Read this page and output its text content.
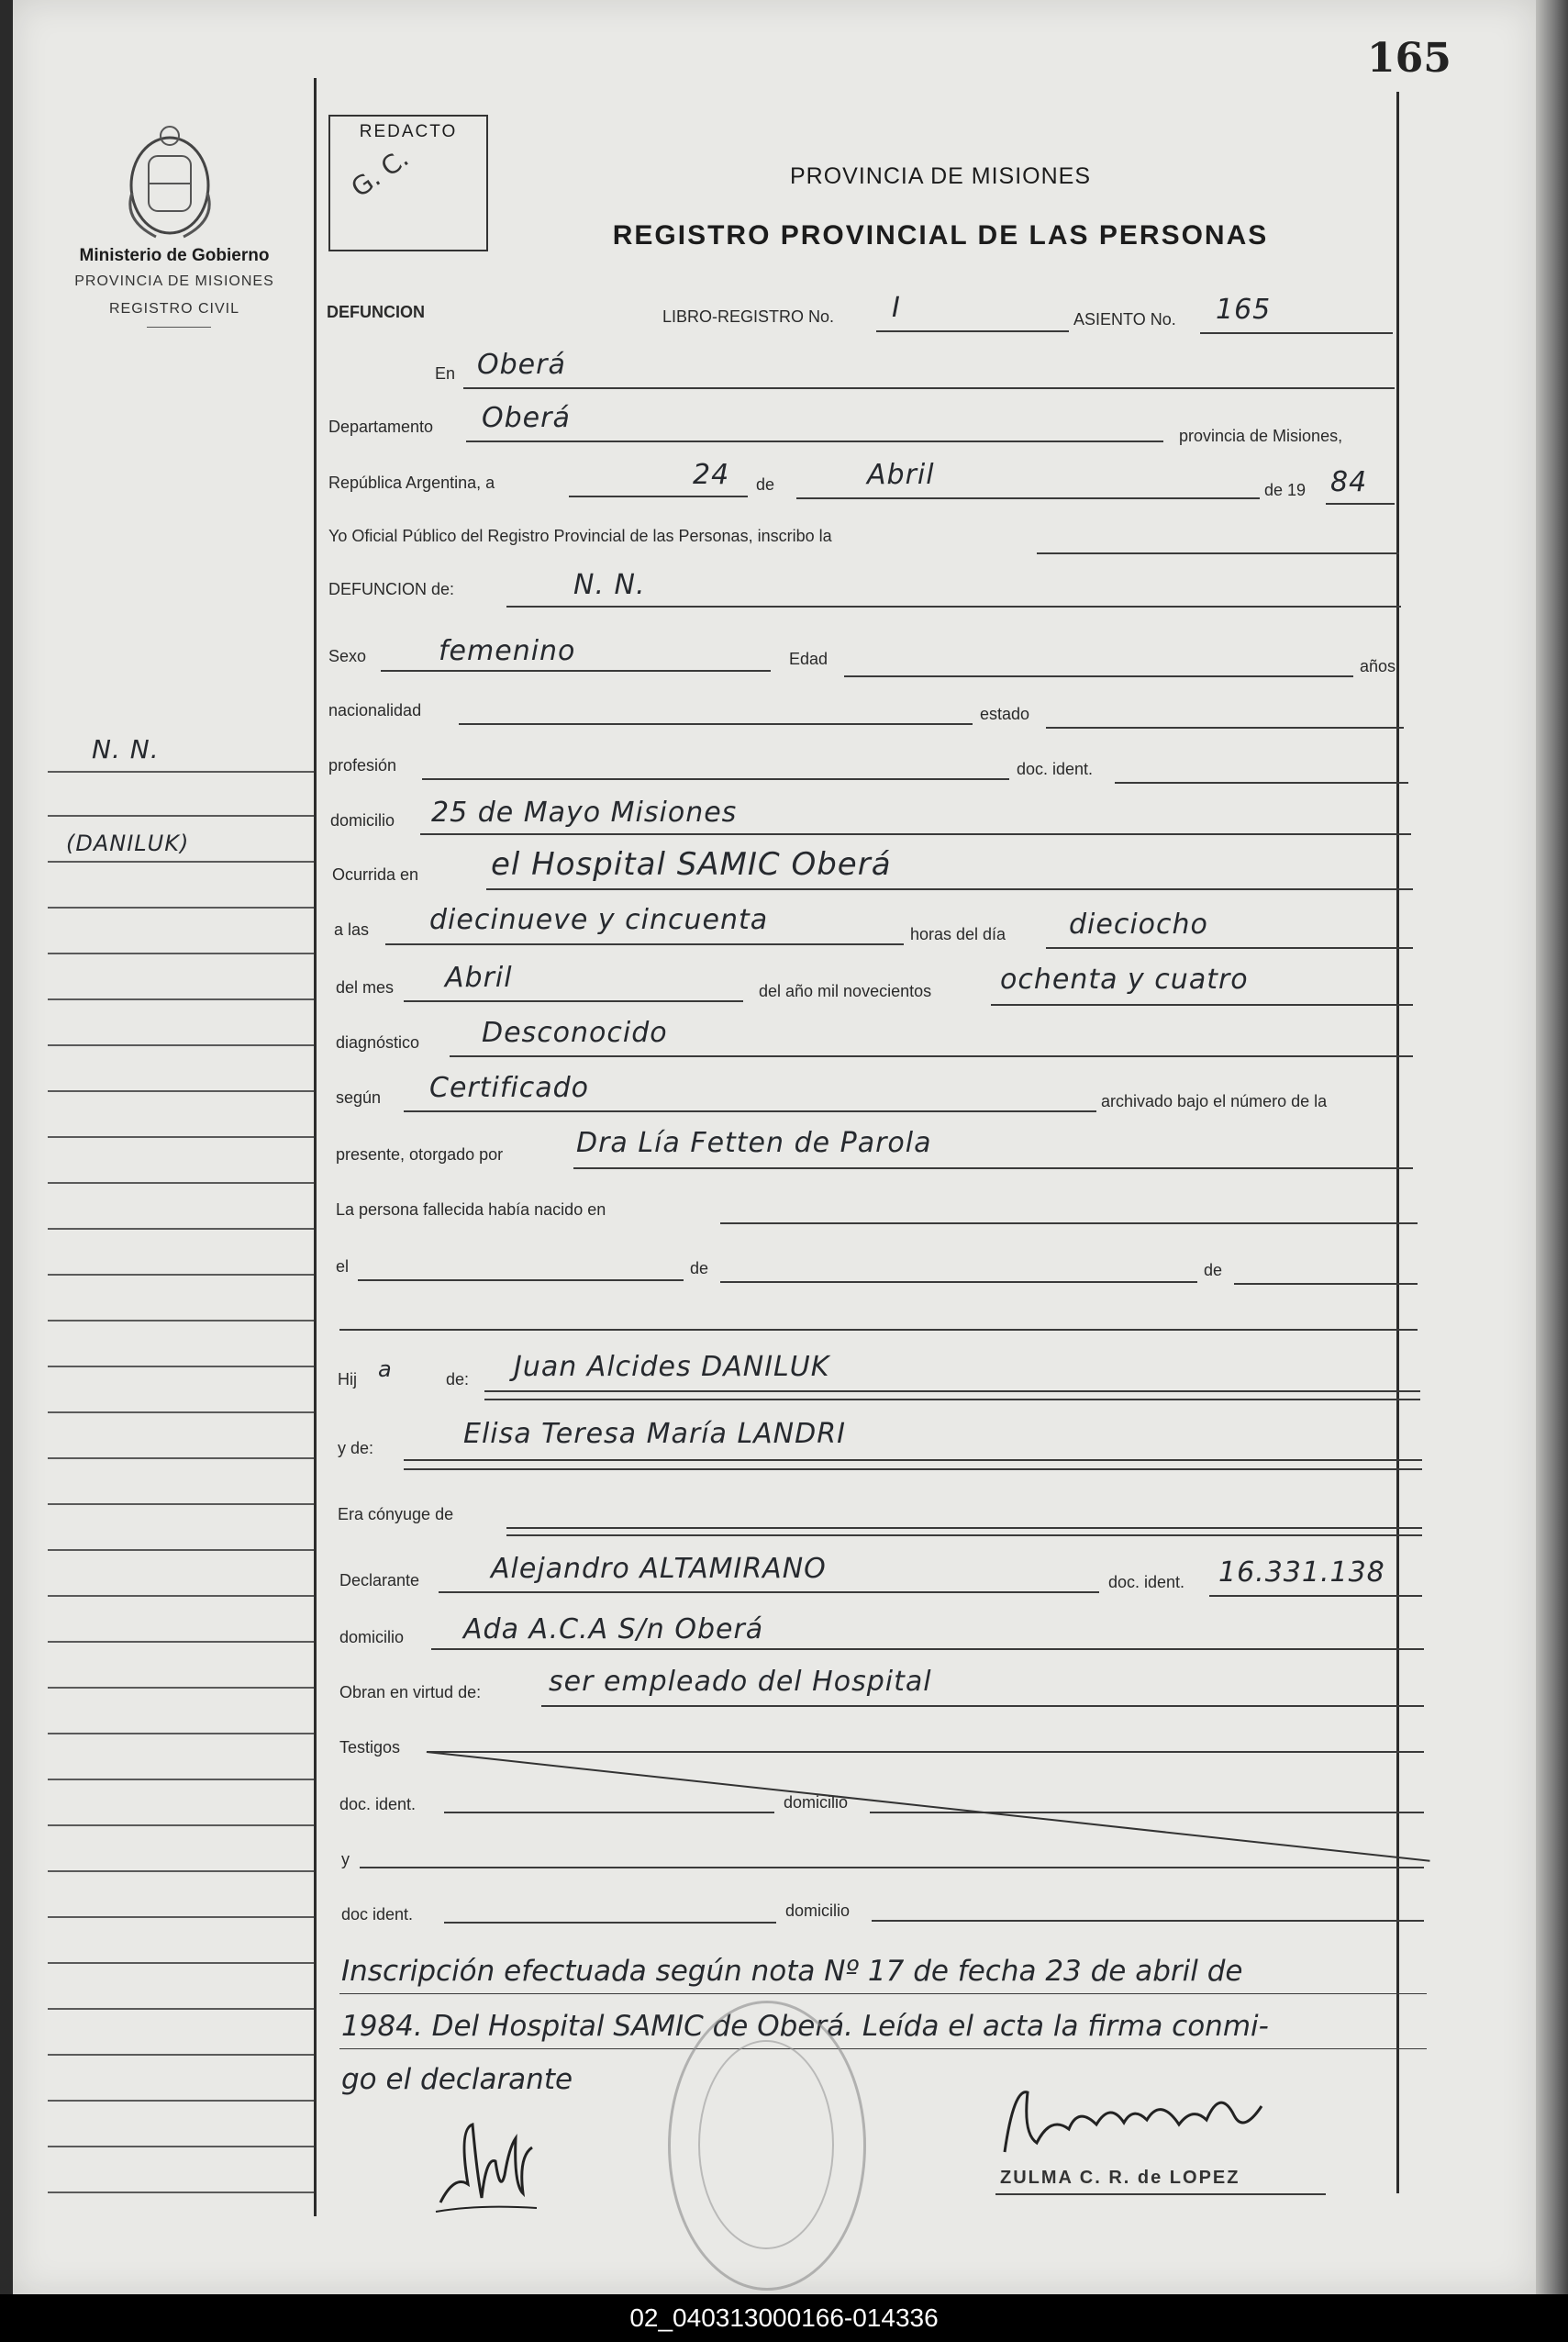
165
Ministerio de Gobierno
PROVINCIA DE MISIONES
REGISTRO CIVIL
REDACTO
G. C.	PROVINCIA DE MISIONES
REGISTRO PROVINCIAL DE LAS PERSONAS
DEFUNCION	LIBRO-REGISTRO No. I	ASIENTO No. 165
En Oberá
Departamento Oberá
provincia de Misiones,
República Argentina, a	24 de	Abril	de 19 84
Yo Oficial Público del Registro Provincial de las Personas, inscribo la
DEFUNCION de:	N. N.
Sexo	femenino	Edad	años
nacionalidad	estado
profesión	doc. ident.
domicilio 25 de Mayo Misiones
Ocurrida en el Hospital SAMIC Oberá
a las diecinueve y cincuenta	horas del día dieciocho
del mes Abril	del año mil novecientos ochenta y cuatro
diagnóstico Desconocido
según Certificado	archivado bajo el número de la
presente, otorgado por	Dra Lía Fetten de Parola
La persona fallecida había nacido en
el	de	de
Hij a	de: Juan Alcides DANILUK
y de:	Elisa Teresa María LANDRI
Era cónyuge de
Declarante	Alejandro ALTAMIRANO	doc. ident. 16.331.138
domicilio Ada A.C.A S/n Oberá
Obran en virtud de: ser empleado del Hospital
Testigos
doc. ident.	domicilio
y
doc ident.	domicilio
Inscripción efectuada según nota Nº 17 de fecha 23 de abril de
1984. Del Hospital SAMIC de Oberá. Leída el acta la firma conmi-
go el declarante
ZULMA C. R. de LOPEZ
N. N.
(DANILUK)
02_040313000166-014336
